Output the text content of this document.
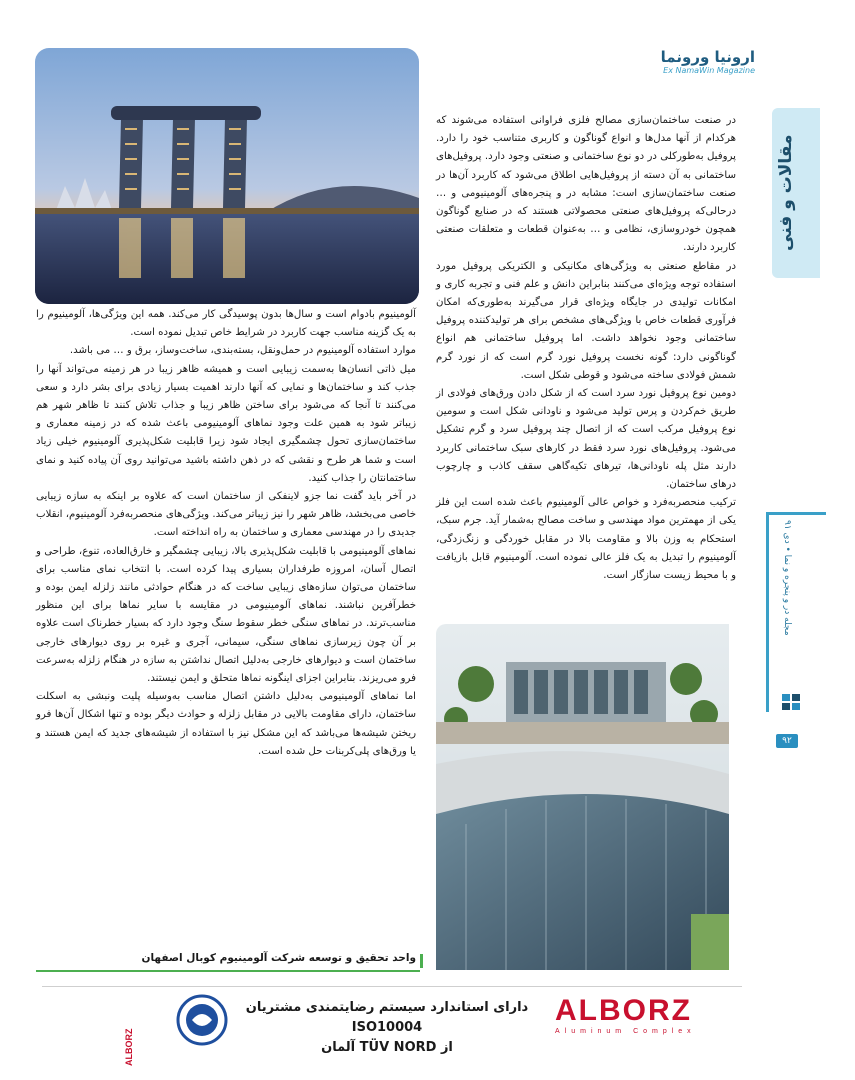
ارونیا ورونما
Ex NamaWin Magazine
مقالات و فنی
مجله در و پنجره و نما • دی ۹۱
۹۲

در صنعت ساختمان‌سازی مصالح فلزی فراوانی استفاده می‌شوند که هرکدام از آنها مدل‌ها و انواع گوناگون و کاربری متناسب خود را دارد. پروفیل به‌طورکلی در دو نوع ساختمانی و صنعتی وجود دارد. پروفیل‌های ساختمانی به آن دسته از پروفیل‌هایی اطلاق می‌شود که کاربرد آن‌ها در صنعت ساختمان‌سازی است: مشابه در و پنجره‌های آلومینیومی و … درحالی‌که پروفیل‌های صنعتی محصولاتی هستند که در صنایع گوناگون همچون خودروسازی، نظامی و … به‌عنوان قطعات و متعلقات صنعتی کاربرد دارند.

در مقاطع صنعتی به ویژگی‌های مکانیکی و الکتریکی پروفیل مورد استفاده توجه ویژه‌ای می‌کنند بنابراین دانش و علم فنی و تجربه کاری و امکانات تولیدی در جایگاه ویژه‌ای قرار می‌گیرند به‌طوری‌که امکان فرآوری قطعات خاص با ویژگی‌های مشخص برای هر تولیدکننده پروفیل ساختمانی وجود نخواهد داشت. اما پروفیل ساختمانی هم انواع گوناگونی دارد: گونه نخست پروفیل نورد گرم است که از نورد گرم شمش فولادی ساخته می‌شود و قوطی شکل است.

دومین نوع پروفیل نورد سرد است که از شکل دادن ورق‌های فولادی از طریق خم‌کردن و پرس تولید می‌شود و ناودانی شکل است و سومین نوع پروفیل مرکب است که از اتصال چند پروفیل سرد و گرم تشکیل می‌شود. پروفیل‌های نورد سرد فقط در کارهای سبک ساختمانی کاربرد دارند مثل پله ناودانی‌ها، تیرهای تکیه‌گاهی سقف کاذب و چارچوب درهای ساختمان.

ترکیب منحصربه‌فرد و خواص عالی آلومینیوم باعث شده است این فلز یکی از مهمترین مواد مهندسی و ساخت مصالح به‌شمار آید. جرم سبک، استحکام به وزن بالا و مقاومت بالا در مقابل خوردگی و زنگ‌زدگی، آلومینیوم را تبدیل به یک فلز عالی نموده است. آلومینیوم قابل بازیافت و با محیط زیست سازگار است.

آلومینیوم بادوام است و سال‌ها بدون پوسیدگی کار می‌کند. همه این ویژگی‌ها، آلومینیوم را به یک گزینه مناسب جهت کاربرد در شرایط خاص تبدیل نموده است.

موارد استفاده آلومینیوم در حمل‌ونقل، بسته‌بندی، ساخت‌وساز، برق و … می باشد.

میل ذاتی انسان‌ها به‌سمت زیبایی است و همیشه ظاهر زیبا در هر زمینه می‌تواند آنها را جذب کند و ساختمان‌ها و نمایی که آنها دارند اهمیت بسیار زیادی برای بشر دارد و سعی می‌کنند تا آنجا که می‌شود برای ساختن ظاهر زیبا و جذاب تلاش کنند تا ظاهر شهر هم زیباتر شود به همین علت وجود نماهای آلومینیومی باعث شده که در زمینه معماری و ساختمان‌سازی تحول چشمگیری ایجاد شود زیرا قابلیت شکل‌پذیری آلومینیوم خیلی زیاد است و شما هر طرح و نقشی که در ذهن داشته باشید می‌توانید روی آن پیاده کنید و نمای ساختمانتان را جذاب کنید.

در آخر باید گفت نما جزو لاینفکی از ساختمان است که علاوه بر اینکه به سازه زیبایی خاصی می‌بخشد، ظاهر شهر را نیز زیباتر می‌کند. ویژگی‌های منحصربه‌فرد آلومینیوم، انقلاب جدیدی را در مهندسی معماری و ساختمان به راه انداخته است.

نماهای آلومینیومی با قابلیت شکل‌پذیری بالا، زیبایی چشمگیر و خارق‌العاده، تنوع، طراحی و اتصال آسان، امروزه طرفداران بسیاری پیدا کرده است. با انتخاب نمای مناسب برای ساختمان می‌توان سازه‌های زیبایی ساخت که در هنگام حوادثی مانند زلزله ایمن بوده و خطرآفرین نباشند. نماهای آلومینیومی در مقایسه با سایر نماها برای این منظور مناسب‌ترند. در نماهای سنگی خطر سقوط سنگ وجود دارد که بسیار خطرناک است علاوه بر آن چون زیرسازی نماهای سنگی، سیمانی، آجری و غیره بر روی دیوارهای خارجی ساختمان است و دیوارهای خارجی به‌دلیل اتصال نداشتن به سازه در هنگام زلزله به‌سرعت فرو می‌ریزند. بنابراین اجزای اینگونه نماها متحلق و ایمن نیستند.

اما نماهای آلومینیومی به‌دلیل داشتن اتصال مناسب به‌وسیله پلیت ونبشی به اسکلت ساختمان، دارای مقاومت بالایی در مقابل زلزله و حوادث دیگر بوده و تنها اشکال آن‌ها فرو ریختن شیشه‌ها می‌باشد که این مشکل نیز با استفاده از شیشه‌های جدید که ایمن هستند و یا ورق‌های پلی‌کربنات حل شده است.

واحد تحقیق و توسعه شرکت آلومینیوم کوبال اصفهان
ALBORZ
Aluminum Complex
دارای استاندارد سیستم رضایتمندی مشتریان ISO10004
از TÜV NORD آلمان
ALBORZ
